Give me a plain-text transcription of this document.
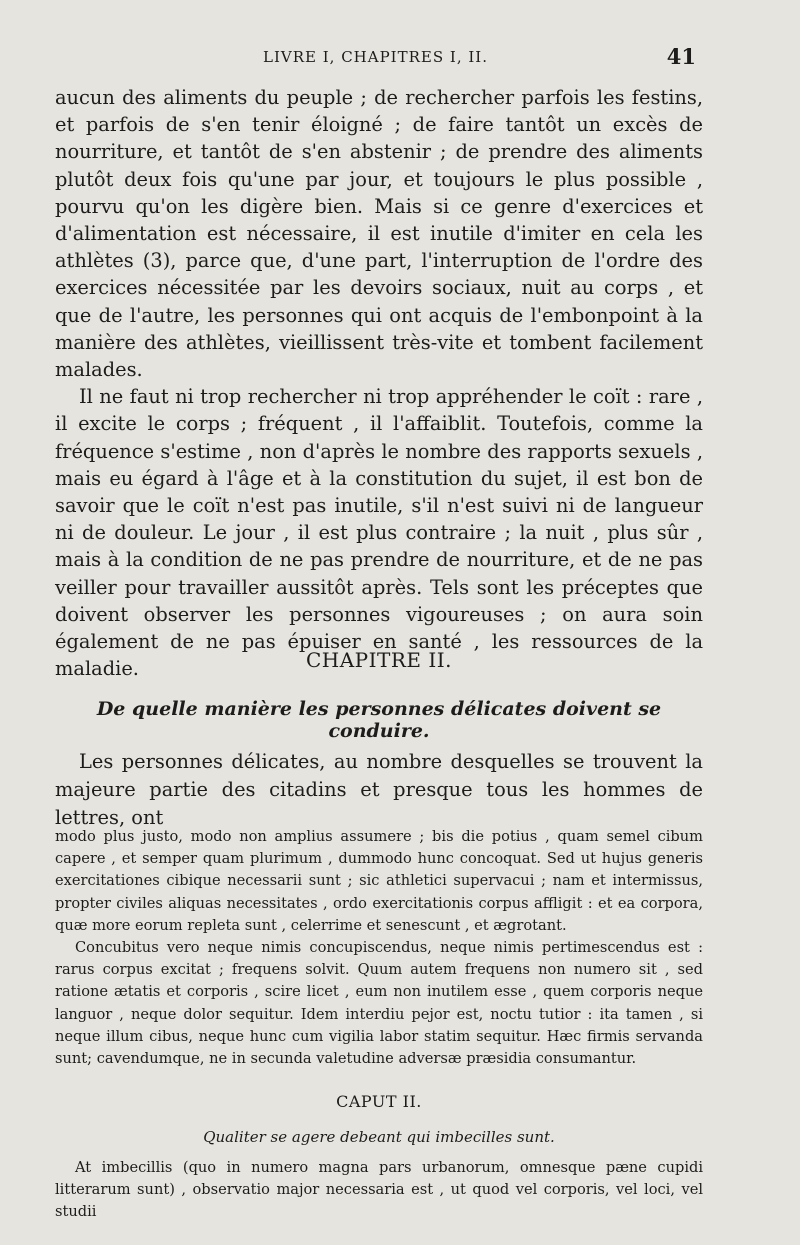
LIVRE I, CHAPITRES I, II.	41

aucun des aliments du peuple ; de rechercher parfois les festins, et parfois de s'en tenir éloigné ; de faire tantôt un excès de nourriture, et tantôt de s'en abstenir ; de prendre des aliments plutôt deux fois qu'une par jour, et toujours le plus possible , pourvu qu'on les digère bien. Mais si ce genre d'exercices et d'alimentation est nécessaire, il est inutile d'imiter en cela les athlètes (3), parce que, d'une part, l'interruption de l'ordre des exercices nécessitée par les devoirs sociaux, nuit au corps , et que de l'autre, les personnes qui ont acquis de l'embonpoint à la manière des athlètes, vieillissent très-vite et tombent facilement malades.

Il ne faut ni trop rechercher ni trop appréhender le coït : rare , il excite le corps ; fréquent , il l'affaiblit. Toutefois, comme la fréquence s'estime , non d'après le nombre des rapports sexuels , mais eu égard à l'âge et à la constitution du sujet, il est bon de savoir que le coït n'est pas inutile, s'il n'est suivi ni de langueur ni de douleur. Le jour , il est plus contraire ; la nuit , plus sûr , mais à la condition de ne pas prendre de nourriture, et de ne pas veiller pour travailler aussitôt après. Tels sont les préceptes que doivent observer les personnes vigoureuses ; on aura soin également de ne pas épuiser en santé , les ressources de la maladie.	CHAPITRE II.
De quelle manière les personnes délicates doivent se conduire.

Les personnes délicates, au nombre desquelles se trouvent la majeure partie des citadins et presque tous les hommes de lettres, ont

modo plus justo, modo non amplius assumere ; bis die potius , quam semel cibum capere , et semper quam plurimum , dummodo hunc concoquat. Sed ut hujus generis exercitationes cibique necessarii sunt ; sic athletici supervacui ; nam et intermissus, propter civiles aliquas necessitates , ordo exercitationis corpus affligit : et ea corpora, quæ more eorum repleta sunt , celerrime et senescunt , et ægrotant.

Concubitus vero neque nimis concupiscendus, neque nimis pertimescendus est : rarus corpus excitat ; frequens solvit. Quum autem frequens non numero sit , sed ratione ætatis et corporis , scire licet , eum non inutilem esse , quem corporis neque languor , neque dolor sequitur. Idem interdiu pejor est, noctu tutior : ita tamen , si neque illum cibus, neque hunc cum vigilia labor statim sequitur. Hæc firmis servanda sunt; cavendumque, ne in secunda valetudine adversæ præsidia consumantur.

CAPUT II.
Qualiter se agere debeant qui imbecilles sunt.

At imbecillis (quo in numero magna pars urbanorum, omnesque pæne cupidi litterarum sunt) , observatio major necessaria est , ut quod vel corporis, vel loci, vel studii
